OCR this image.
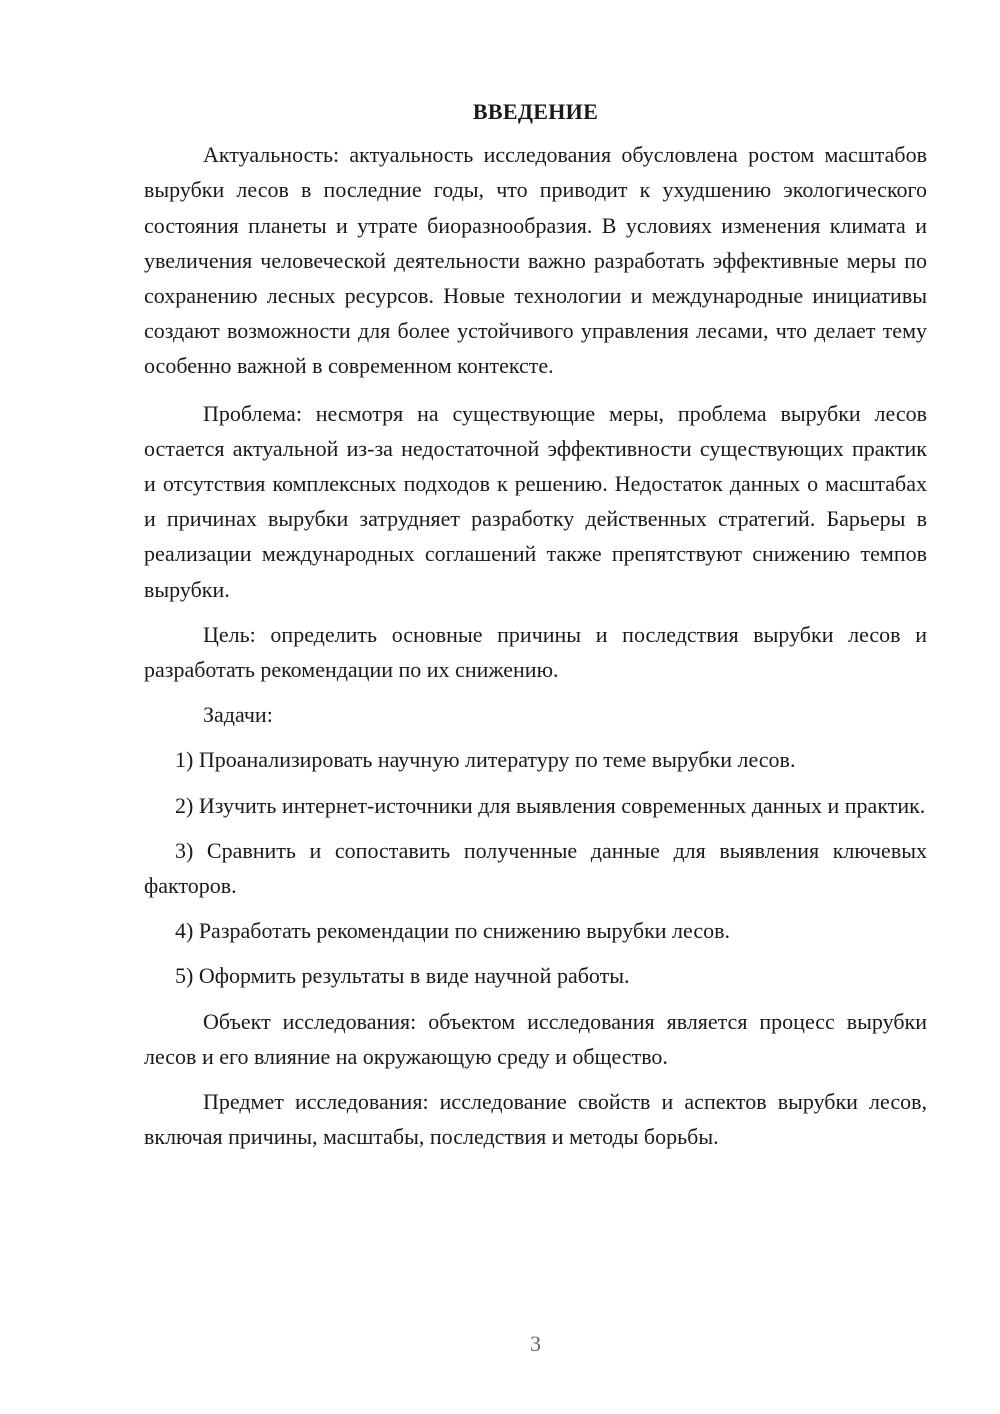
ВВЕДЕНИЕ

Актуальность: актуальность исследования обусловлена ростом масштабов вырубки лесов в последние годы, что приводит к ухудшению экологического состояния планеты и утрате биоразнообразия. В условиях изменения климата и увеличения человеческой деятельности важно разработать эффективные меры по сохранению лесных ресурсов. Новые технологии и международные инициативы создают возможности для более устойчивого управления лесами, что делает тему особенно важной в современном контексте.

Проблема: несмотря на существующие меры, проблема вырубки лесов остается актуальной из-за недостаточной эффективности существующих практик и отсутствия комплексных подходов к решению. Недостаток данных о масштабах и причинах вырубки затрудняет разработку действенных стратегий. Барьеры в реализации международных соглашений также препятствуют снижению темпов вырубки.

Цель: определить основные причины и последствия вырубки лесов и разработать рекомендации по их снижению.

Задачи:

1) Проанализировать научную литературу по теме вырубки лесов.

2) Изучить интернет-источники для выявления современных данных и практик.

3) Сравнить и сопоставить полученные данные для выявления ключевых факторов.

4) Разработать рекомендации по снижению вырубки лесов.

5) Оформить результаты в виде научной работы.

Объект исследования: объектом исследования является процесс вырубки лесов и его влияние на окружающую среду и общество.

Предмет исследования: исследование свойств и аспектов вырубки лесов, включая причины, масштабы, последствия и методы борьбы.

3
